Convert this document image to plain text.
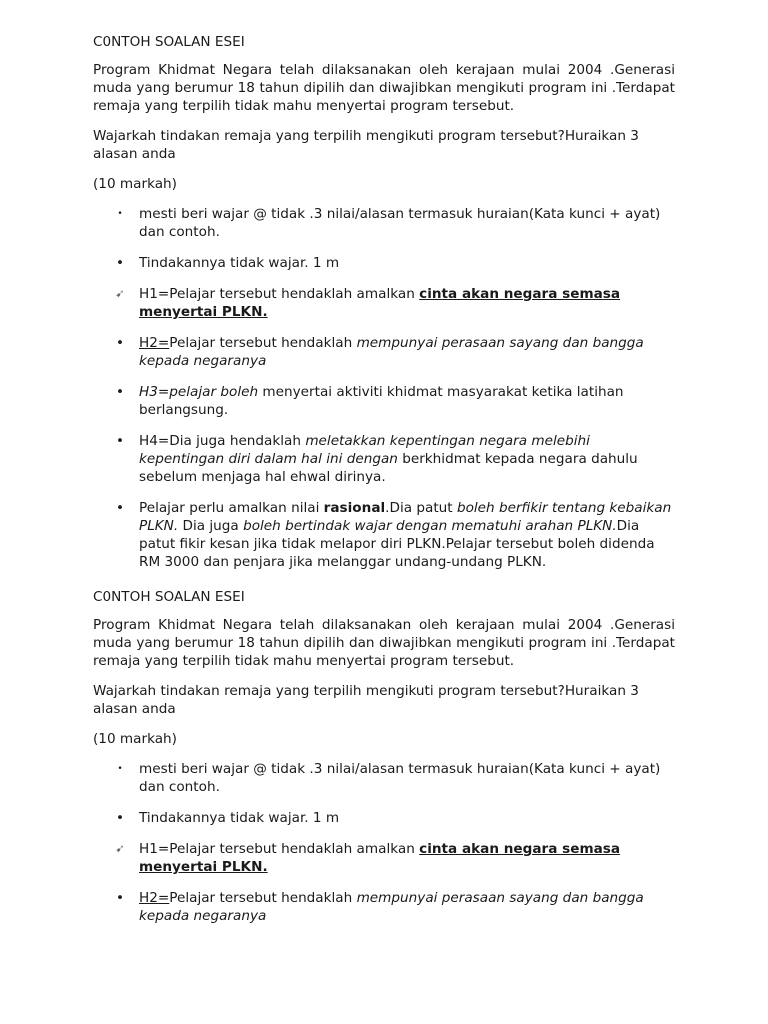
C0NTOH SOALAN ESEI
Program Khidmat Negara telah dilaksanakan oleh kerajaan mulai 2004 .Generasi muda yang berumur 18 tahun dipilih dan diwajibkan mengikuti program ini .Terdapat remaja yang terpilih tidak mahu menyertai program tersebut.
Wajarkah tindakan remaja yang terpilih mengikuti program tersebut?Huraikan 3 alasan anda
(10 markah)
• mesti beri wajar @ tidak .3 nilai/alasan termasuk huraian(Kata kunci + ayat) dan contoh.
• Tindakannya tidak wajar. 1 m
➹ H1=Pelajar tersebut hendaklah amalkan cinta akan negara semasa menyertai PLKN.
• H2=Pelajar tersebut hendaklah mempunyai perasaan sayang dan bangga kepada negaranya
• H3=pelajar boleh menyertai aktiviti khidmat masyarakat ketika latihan berlangsung.
• H4=Dia juga hendaklah meletakkan kepentingan negara melebihi kepentingan diri dalam hal ini dengan berkhidmat kepada negara dahulu sebelum menjaga hal ehwal dirinya.
• Pelajar perlu amalkan nilai rasional.Dia patut boleh berfikir tentang kebaikan PLKN. Dia juga boleh bertindak wajar dengan mematuhi arahan PLKN.Dia patut fikir kesan jika tidak melapor diri PLKN.Pelajar tersebut boleh didenda RM 3000 dan penjara jika melanggar undang-undang PLKN.
C0NTOH SOALAN ESEI
Program Khidmat Negara telah dilaksanakan oleh kerajaan mulai 2004 .Generasi muda yang berumur 18 tahun dipilih dan diwajibkan mengikuti program ini .Terdapat remaja yang terpilih tidak mahu menyertai program tersebut.
Wajarkah tindakan remaja yang terpilih mengikuti program tersebut?Huraikan 3 alasan anda
(10 markah)
• mesti beri wajar @ tidak .3 nilai/alasan termasuk huraian(Kata kunci + ayat) dan contoh.
• Tindakannya tidak wajar. 1 m
➹ H1=Pelajar tersebut hendaklah amalkan cinta akan negara semasa menyertai PLKN.
• H2=Pelajar tersebut hendaklah mempunyai perasaan sayang dan bangga kepada negaranya
